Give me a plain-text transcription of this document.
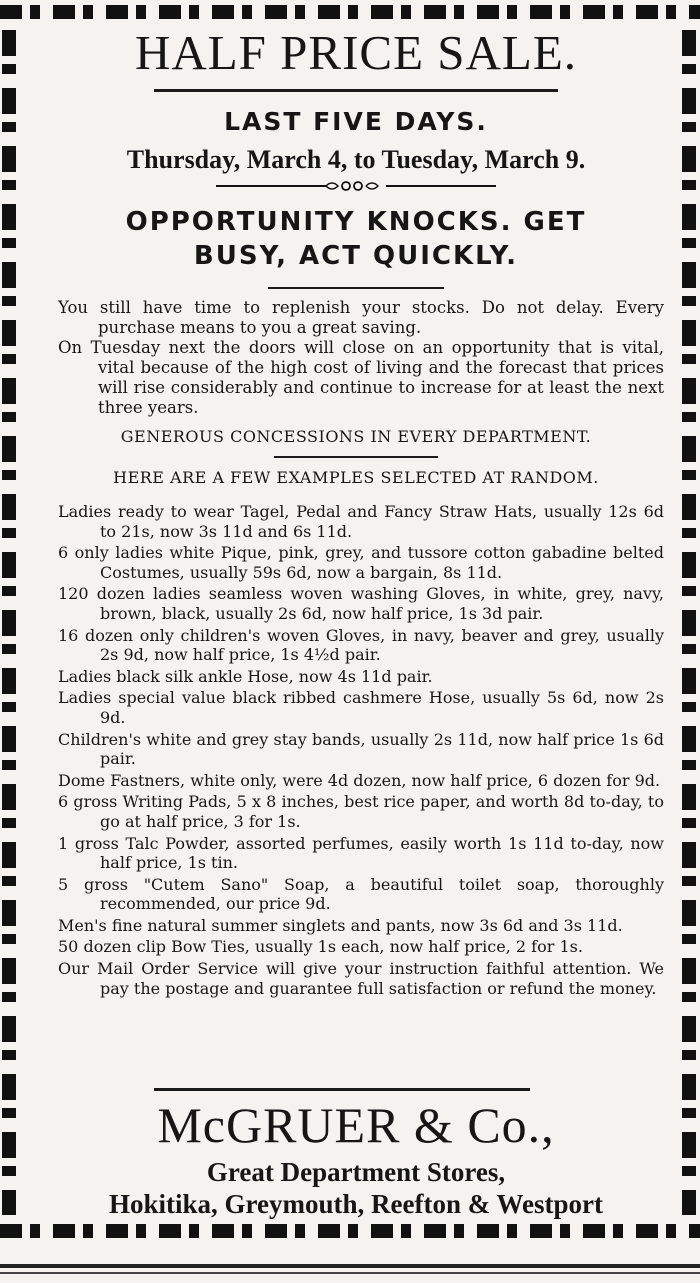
HALF PRICE SALE.
LAST FIVE DAYS.
Thursday, March 4, to Tuesday, March 9.
OPPORTUNITY KNOCKS. GET
BUSY, ACT QUICKLY.

You still have time to replenish your stocks. Do not delay. Every purchase means to you a great saving.

On Tuesday next the doors will close on an opportunity that is vital, vital because of the high cost of living and the forecast that prices will rise considerably and continue to increase for at least the next three years.

GENEROUS CONCESSIONS IN EVERY DEPARTMENT.
HERE ARE A FEW EXAMPLES SELECTED AT RANDOM.

Ladies ready to wear Tagel, Pedal and Fancy Straw Hats, usually 12s 6d to 21s, now 3s 11d and 6s 11d.

6 only ladies white Pique, pink, grey, and tussore cotton gabadine belted Costumes, usually 59s 6d, now a bargain, 8s 11d.

120 dozen ladies seamless woven washing Gloves, in white, grey, navy, brown, black, usually 2s 6d, now half price, 1s 3d pair.

16 dozen only children's woven Gloves, in navy, beaver and grey, usually 2s 9d, now half price, 1s 4½d pair.

Ladies black silk ankle Hose, now 4s 11d pair.

Ladies special value black ribbed cashmere Hose, usually 5s 6d, now 2s 9d.

Children's white and grey stay bands, usually 2s 11d, now half price 1s 6d pair.

Dome Fastners, white only, were 4d dozen, now half price, 6 dozen for 9d.

6 gross Writing Pads, 5 x 8 inches, best rice paper, and worth 8d to-day, to go at half price, 3 for 1s.

1 gross Talc Powder, assorted perfumes, easily worth 1s 11d to-day, now half price, 1s tin.

5 gross "Cutem Sano" Soap, a beautiful toilet soap, thoroughly recommended, our price 9d.

Men's fine natural summer singlets and pants, now 3s 6d and 3s 11d.

50 dozen clip Bow Ties, usually 1s each, now half price, 2 for 1s.

Our Mail Order Service will give your instruction faithful attention. We pay the postage and guarantee full satisfaction or refund the money.

McGRUER & Co.,
Great Department Stores,
Hokitika, Greymouth, Reefton & Westport
